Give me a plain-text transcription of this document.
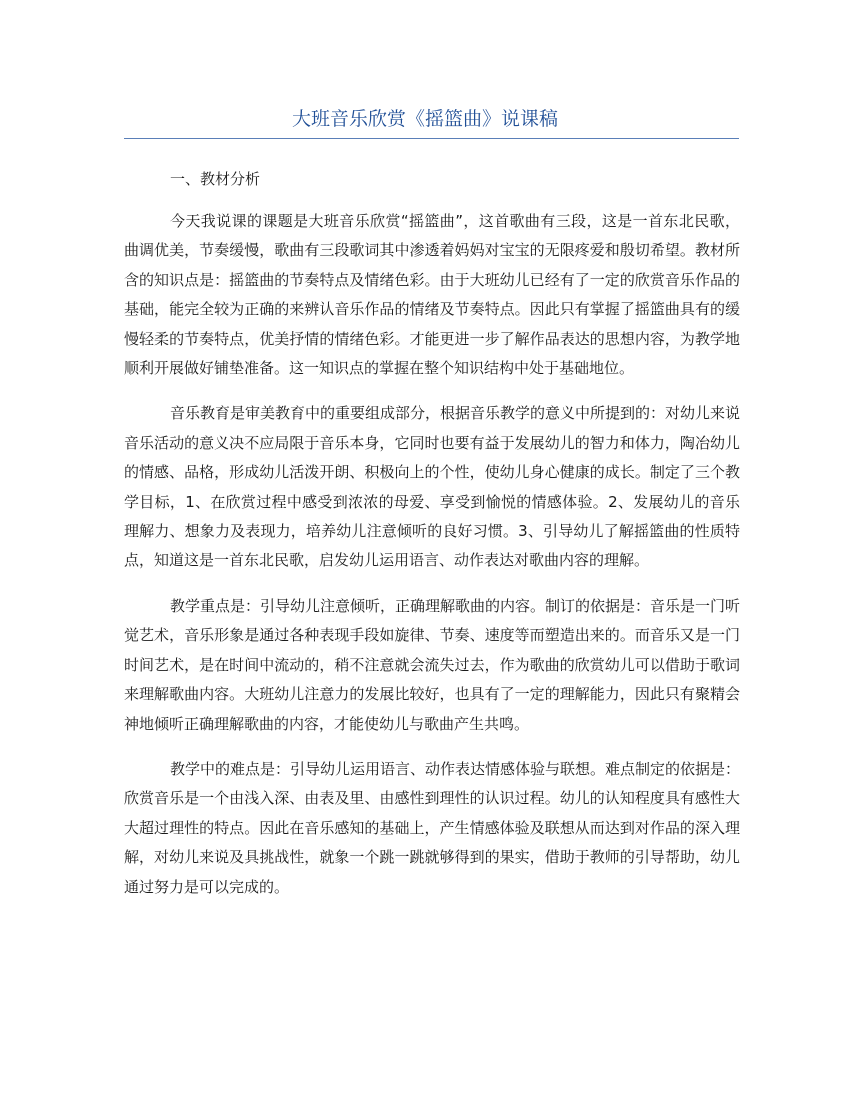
大班音乐欣赏《摇篮曲》说课稿

一、教材分析

今天我说课的课题是大班音乐欣赏“摇篮曲”，这首歌曲有三段，这是一首东北民歌，曲调优美，节奏缓慢，歌曲有三段歌词其中渗透着妈妈对宝宝的无限疼爱和殷切希望。教材所含的知识点是：摇篮曲的节奏特点及情绪色彩。由于大班幼儿已经有了一定的欣赏音乐作品的基础，能完全较为正确的来辨认音乐作品的情绪及节奏特点。因此只有掌握了摇篮曲具有的缓慢轻柔的节奏特点，优美抒情的情绪色彩。才能更进一步了解作品表达的思想内容，为教学地顺利开展做好铺垫准备。这一知识点的掌握在整个知识结构中处于基础地位。

音乐教育是审美教育中的重要组成部分，根据音乐教学的意义中所提到的：对幼儿来说音乐活动的意义决不应局限于音乐本身，它同时也要有益于发展幼儿的智力和体力，陶冶幼儿的情感、品格，形成幼儿活泼开朗、积极向上的个性，使幼儿身心健康的成长。制定了三个教学目标，1、在欣赏过程中感受到浓浓的母爱、享受到愉悦的情感体验。2、发展幼儿的音乐理解力、想象力及表现力，培养幼儿注意倾听的良好习惯。3、引导幼儿了解摇篮曲的性质特点，知道这是一首东北民歌，启发幼儿运用语言、动作表达对歌曲内容的理解。

教学重点是：引导幼儿注意倾听，正确理解歌曲的内容。制订的依据是：音乐是一门听觉艺术，音乐形象是通过各种表现手段如旋律、节奏、速度等而塑造出来的。而音乐又是一门时间艺术，是在时间中流动的，稍不注意就会流失过去，作为歌曲的欣赏幼儿可以借助于歌词来理解歌曲内容。大班幼儿注意力的发展比较好，也具有了一定的理解能力，因此只有聚精会神地倾听正确理解歌曲的内容，才能使幼儿与歌曲产生共鸣。

教学中的难点是：引导幼儿运用语言、动作表达情感体验与联想。难点制定的依据是：欣赏音乐是一个由浅入深、由表及里、由感性到理性的认识过程。幼儿的认知程度具有感性大大超过理性的特点。因此在音乐感知的基础上，产生情感体验及联想从而达到对作品的深入理解，对幼儿来说及具挑战性，就象一个跳一跳就够得到的果实，借助于教师的引导帮助，幼儿通过努力是可以完成的。
